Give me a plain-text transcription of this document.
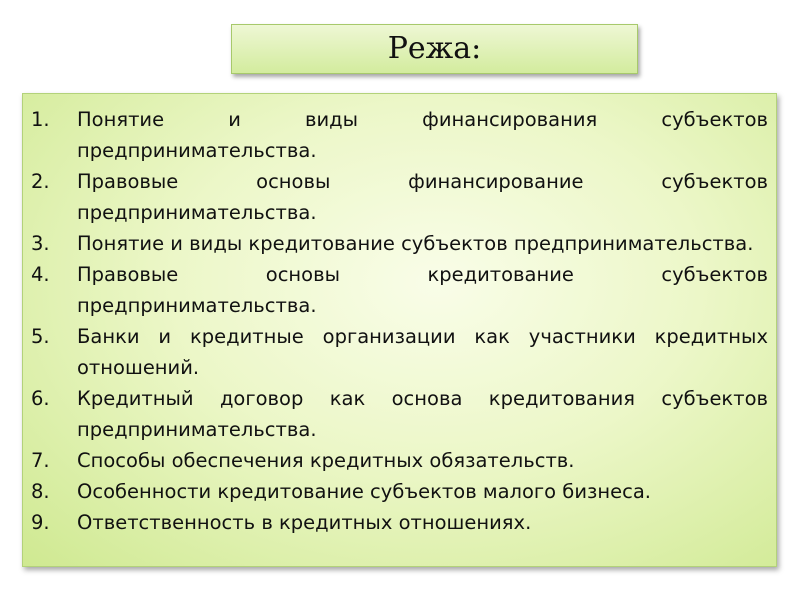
Режа:
1.	Понятие и виды финансирования субъектов предпринимательства.
2.	Правовые основы финансирование субъектов предпринимательства.
3.	Понятие и виды кредитование субъектов предпринимательства.
4.	Правовые основы кредитование субъектов предпринимательства.
5.	Банки и кредитные организации как участники кредитных отношений.
6.	Кредитный договор как основа кредитования субъектов предпринимательства.
7.	Способы обеспечения кредитных обязательств.
8.	Особенности кредитование субъектов малого бизнеса.
9.	Ответственность в кредитных отношениях.
